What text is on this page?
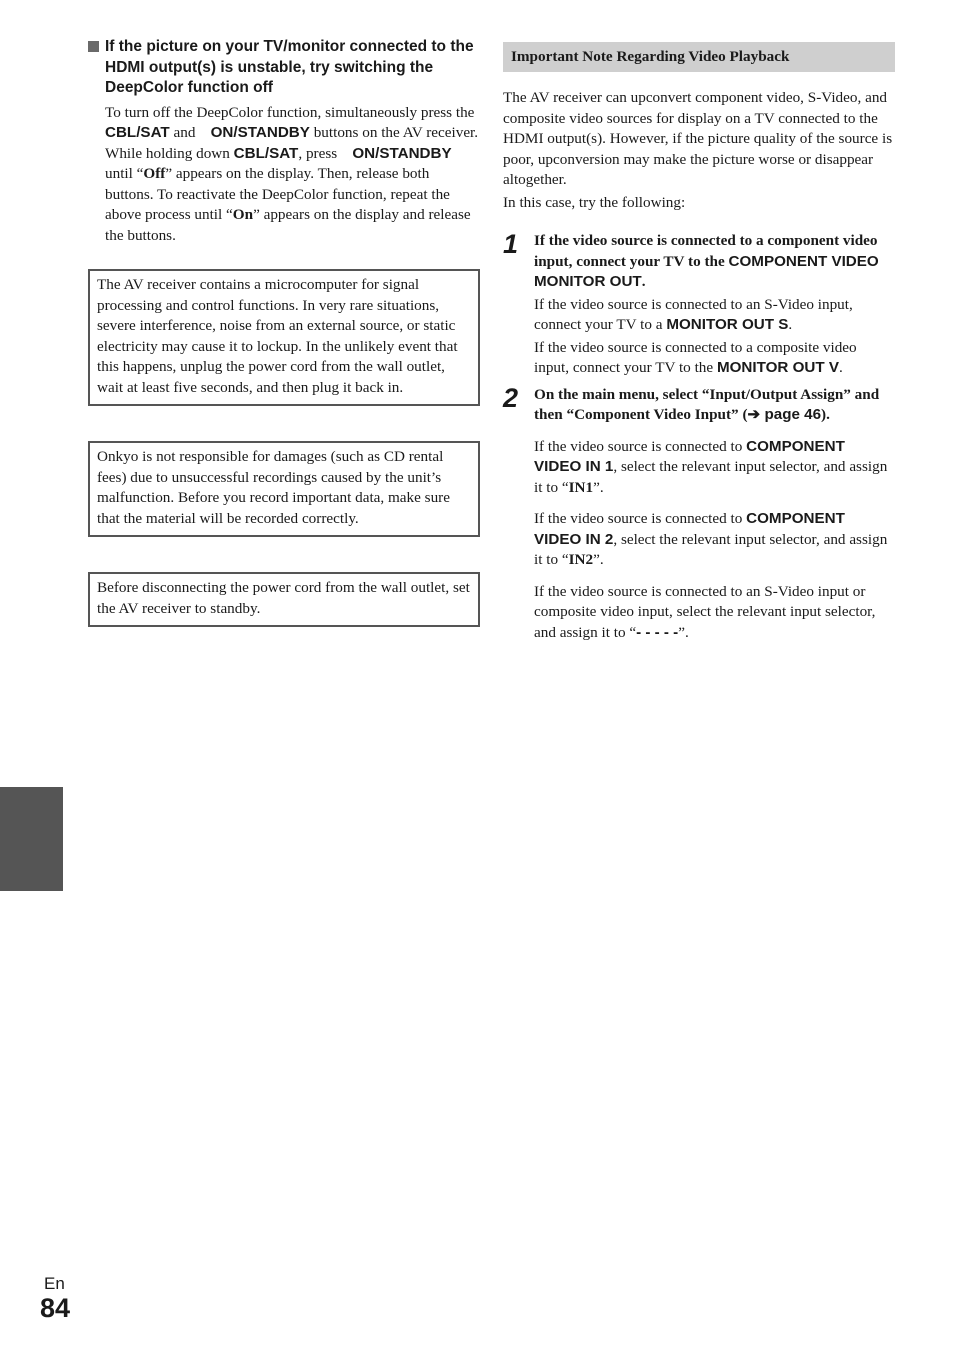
If the picture on your TV/monitor connected to the HDMI output(s) is unstable, try switching the DeepColor function off

To turn off the DeepColor function, simultaneously press the CBL/SAT and    ON/STANDBY buttons on the AV receiver. While holding down CBL/SAT, press    ON/STANDBY until “Off” appears on the display. Then, release both buttons. To reactivate the DeepColor function, repeat the above process until “On” appears on the display and release the buttons.

The AV receiver contains a microcomputer for signal processing and control functions. In very rare situations, severe interference, noise from an external source, or static electricity may cause it to lockup. In the unlikely event that this happens, unplug the power cord from the wall outlet, wait at least five seconds, and then plug it back in.
Onkyo is not responsible for damages (such as CD rental fees) due to unsuccessful recordings caused by the unit’s malfunction. Before you record important data, make sure that the material will be recorded correctly.
Before disconnecting the power cord from the wall outlet, set the AV receiver to standby.
Important Note Regarding Video Playback

The AV receiver can upconvert component video, S-Video, and composite video sources for display on a TV connected to the HDMI output(s). However, if the picture quality of the source is poor, upconversion may make the picture worse or disappear altogether.

In this case, try the following:

1 If the video source is connected to a component video input, connect your TV to the COMPONENT VIDEO MONITOR OUT.

If the video source is connected to an S-Video input, connect your TV to a MONITOR OUT S.

If the video source is connected to a composite video input, connect your TV to the MONITOR OUT V.

2 On the main menu, select “Input/Output Assign” and then “Component Video Input” (➔ page 46).

If the video source is connected to COMPONENT VIDEO IN 1, select the relevant input selector, and assign it to “IN1”.

If the video source is connected to COMPONENT VIDEO IN 2, select the relevant input selector, and assign it to “IN2”.

If the video source is connected to an S-Video input or composite video input, select the relevant input selector, and assign it to “- - - - -”.

En
84
